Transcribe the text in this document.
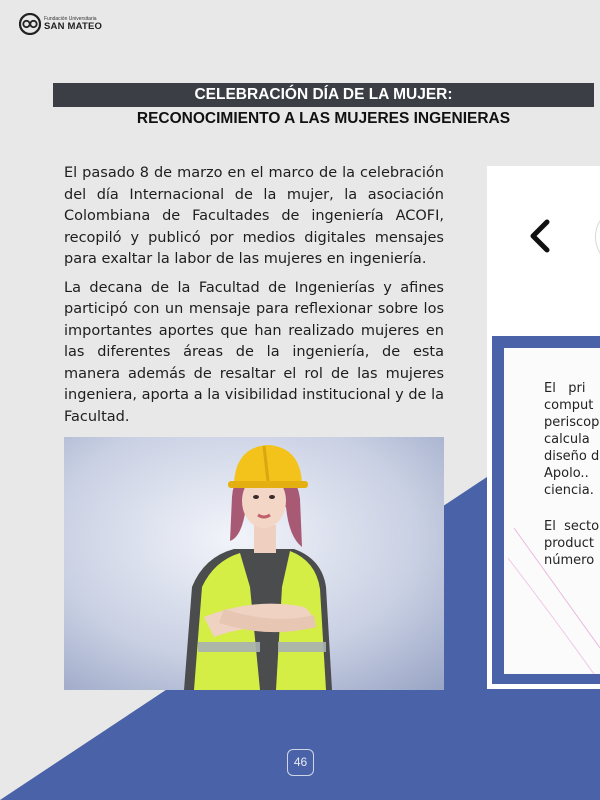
Fundación Universitaria
SAN MATEO
CELEBRACIÓN DÍA DE LA MUJER:
RECONOCIMIENTO A LAS MUJERES INGENIERAS

El pasado 8 de marzo en el marco de la celebración del día Internacional de la mujer, la asociación Colombiana de Facultades de ingeniería ACOFI, recopiló y publicó por medios digitales mensajes para exaltar la labor de las mujeres en ingeniería.

La decana de la Facultad de Ingenierías y afines participó con un mensaje para reflexionar sobre los importantes aportes que han realizado mujeres en las diferentes áreas de la ingeniería, de esta manera además de resaltar el rol de las mujeres ingeniera, aporta a la visibilidad institucional y de la Facultad.

El   pri
comput
periscop
calcula
diseño d
Apolo..
ciencia.
El  secto
product
número
46
